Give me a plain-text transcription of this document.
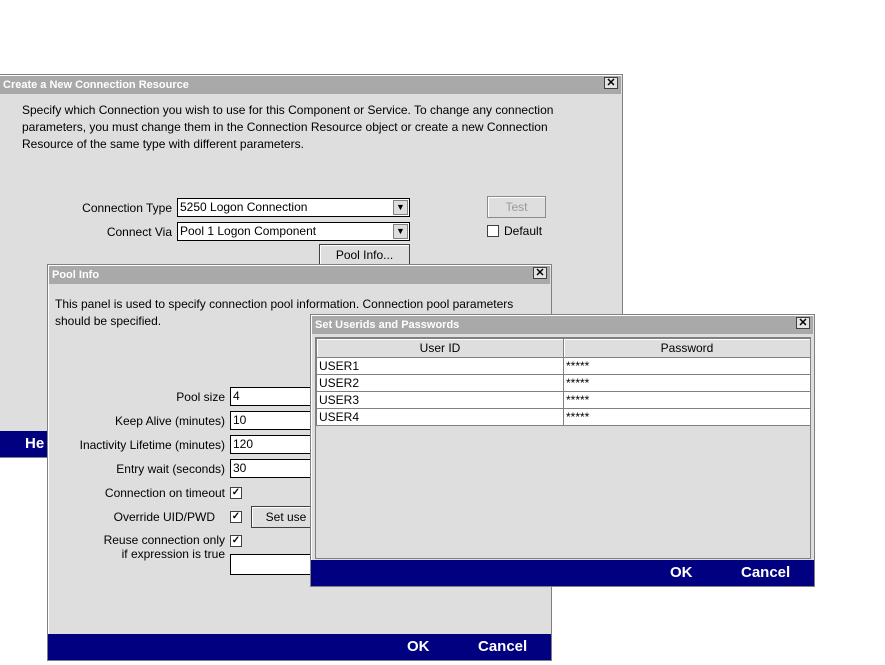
Create a New Connection Resource	✕
Specify which Connection you wish to use for this Component or Service. To change any connection parameters, you must change them in the Connection Resource object or create a new Connection Resource of the same type with different parameters.
Connection Type 5250 Logon Connection	▼
Connect Via Pool 1 Logon Component	▼
Test
Default
Pool Info...
He
Pool Info	✕
This panel is used to specify connection pool information. Connection pool parameters should be specified.
Pool size 4
Keep Alive (minutes) 10
Inactivity Lifetime (minutes) 120
Entry wait (seconds) 30
Connection on timeout ✓
Override UID/PWD ✓	Set use
Reuse connection only
if expression is true
✓
OK	Cancel
Set Userids and Passwords	✕
User ID	Password
USER1	*****
USER2	*****
USER3	*****
USER4	*****
OK	Cancel
